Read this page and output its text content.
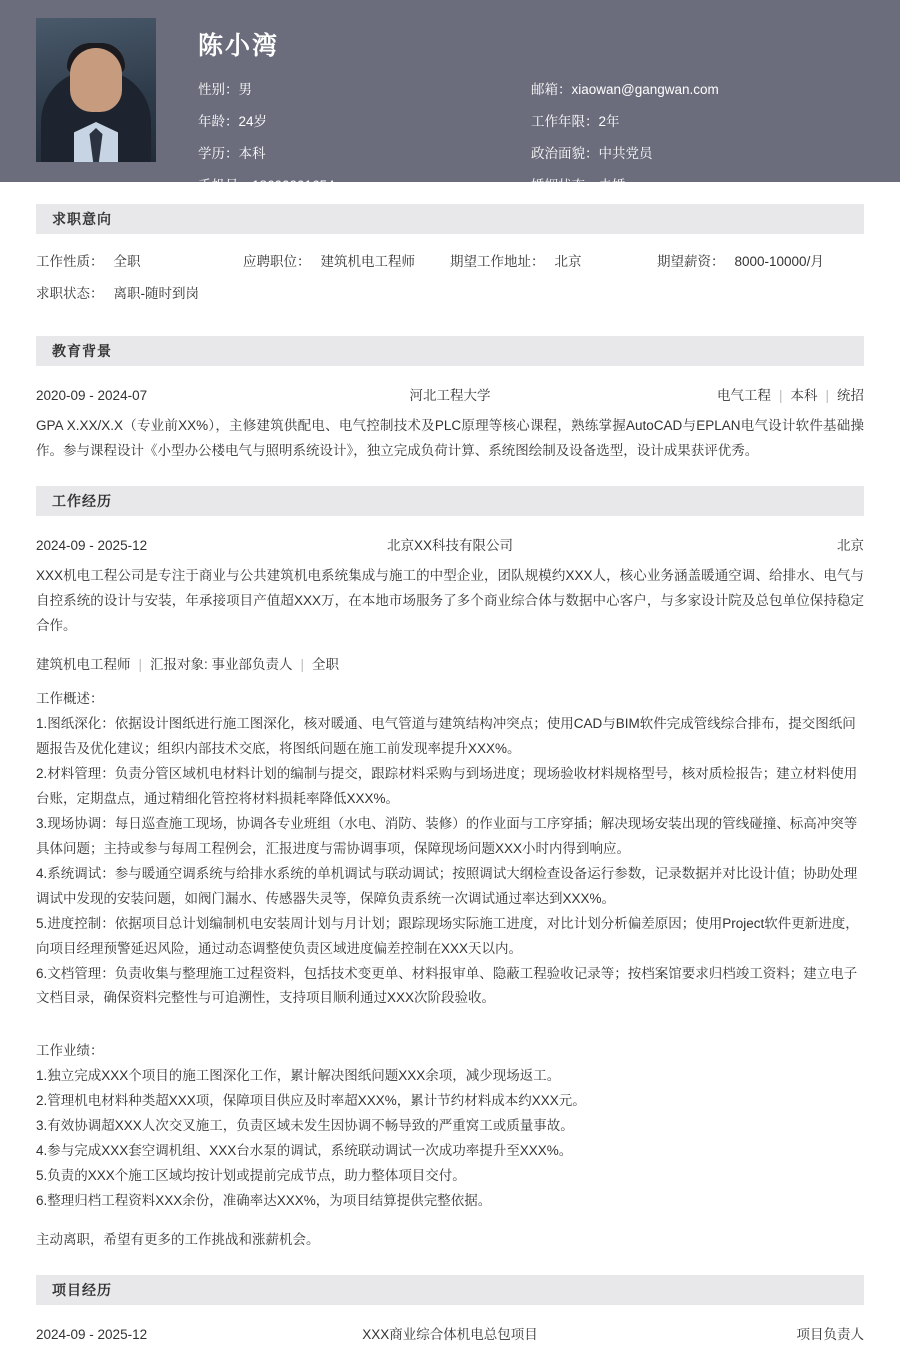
陈小湾
性别：男	邮箱：xiaowan@gangwan.com
年龄：24岁	工作年限：2年
学历：本科	政治面貌：中共党员
手机号：18600001654	婚姻状态：未婚
求职意向
工作性质： 全职	应聘职位： 建筑机电工程师	期望工作地址： 北京	期望薪资： 8000-10000/月
求职状态： 离职-随时到岗
教育背景
2020-09 - 2024-07	河北工程大学	电气工程 | 本科 | 统招
GPA X.XX/X.X（专业前XX%），主修建筑供配电、电气控制技术及PLC原理等核心课程，熟练掌握AutoCAD与EPLAN电气设计软件基础操作。参与课程设计《小型办公楼电气与照明系统设计》，独立完成负荷计算、系统图绘制及设备选型，设计成果获评优秀。
工作经历
2024-09 - 2025-12	北京XX科技有限公司	北京
XXX机电工程公司是专注于商业与公共建筑机电系统集成与施工的中型企业，团队规模约XXX人，核心业务涵盖暖通空调、给排水、电气与自控系统的设计与安装，年承接项目产值超XXX万，在本地市场服务了多个商业综合体与数据中心客户，与多家设计院及总包单位保持稳定合作。
建筑机电工程师 | 汇报对象: 事业部负责人 | 全职
工作概述：
1.图纸深化：依据设计图纸进行施工图深化，核对暖通、电气管道与建筑结构冲突点；使用CAD与BIM软件完成管线综合排布，提交图纸问题报告及优化建议；组织内部技术交底，将图纸问题在施工前发现率提升XXX%。
2.材料管理：负责分管区域机电材料计划的编制与提交，跟踪材料采购与到场进度；现场验收材料规格型号，核对质检报告；建立材料使用台账，定期盘点，通过精细化管控将材料损耗率降低XXX%。
3.现场协调：每日巡查施工现场，协调各专业班组（水电、消防、装修）的作业面与工序穿插；解决现场安装出现的管线碰撞、标高冲突等具体问题；主持或参与每周工程例会，汇报进度与需协调事项，保障现场问题XXX小时内得到响应。
4.系统调试：参与暖通空调系统与给排水系统的单机调试与联动调试；按照调试大纲检查设备运行参数，记录数据并对比设计值；协助处理调试中发现的安装问题，如阀门漏水、传感器失灵等，保障负责系统一次调试通过率达到XXX%。
5.进度控制：依据项目总计划编制机电安装周计划与月计划；跟踪现场实际施工进度，对比计划分析偏差原因；使用Project软件更新进度，向项目经理预警延迟风险，通过动态调整使负责区域进度偏差控制在XXX天以内。
6.文档管理：负责收集与整理施工过程资料，包括技术变更单、材料报审单、隐蔽工程验收记录等；按档案馆要求归档竣工资料；建立电子文档目录，确保资料完整性与可追溯性，支持项目顺利通过XXX次阶段验收。
工作业绩：
1.独立完成XXX个项目的施工图深化工作，累计解决图纸问题XXX余项，减少现场返工。
2.管理机电材料种类超XXX项，保障项目供应及时率超XXX%，累计节约材料成本约XXX元。
3.有效协调超XXX人次交叉施工，负责区域未发生因协调不畅导致的严重窝工或质量事故。
4.参与完成XXX套空调机组、XXX台水泵的调试，系统联动调试一次成功率提升至XXX%。
5.负责的XXX个施工区域均按计划或提前完成节点，助力整体项目交付。
6.整理归档工程资料XXX余份，准确率达XXX%，为项目结算提供完整依据。
主动离职，希望有更多的工作挑战和涨薪机会。
项目经历
2024-09 - 2025-12	XXX商业综合体机电总包项目	项目负责人
